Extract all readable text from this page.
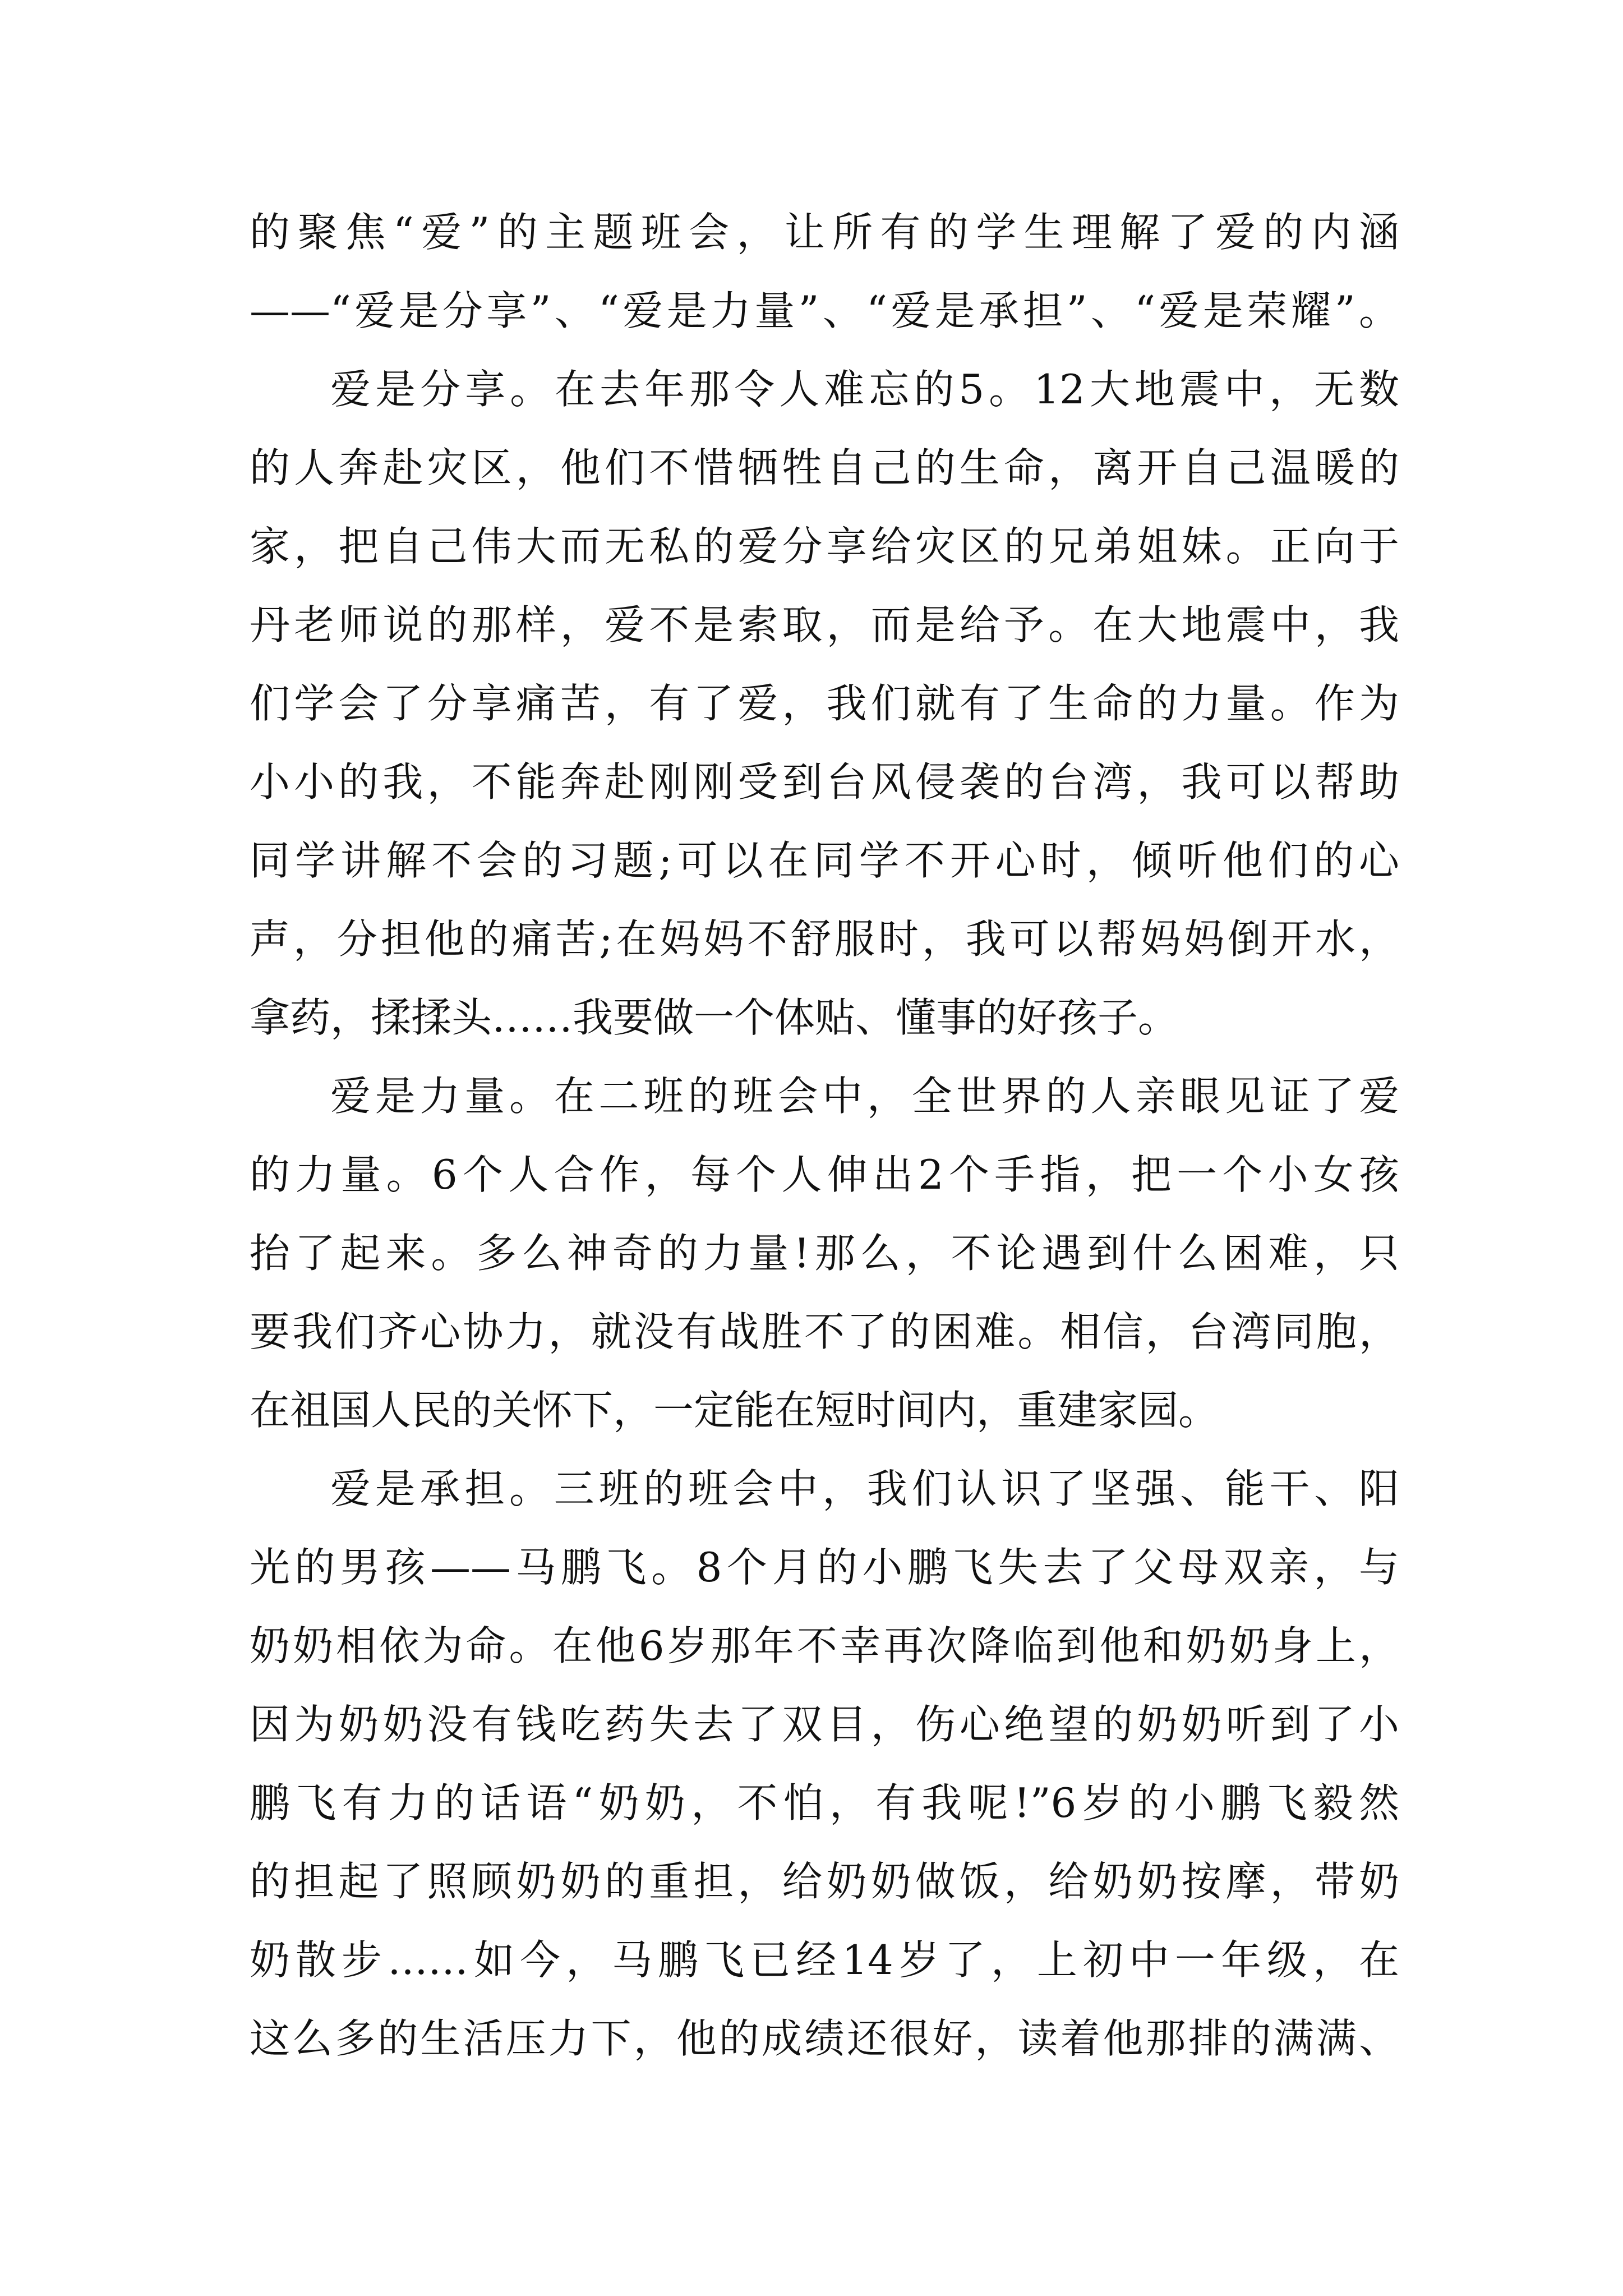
的聚焦“爱”的主题班会，让所有的学生理解了爱的内涵
——“爱是分享”、“爱是力量”、“爱是承担”、“爱是荣耀”。
爱是分享。在去年那令人难忘的5。12大地震中，无数
的人奔赴灾区，他们不惜牺牲自己的生命，离开自己温暖的
家，把自己伟大而无私的爱分享给灾区的兄弟姐妹。正向于
丹老师说的那样，爱不是索取，而是给予。在大地震中，我
们学会了分享痛苦，有了爱，我们就有了生命的力量。作为
小小的我，不能奔赴刚刚受到台风侵袭的台湾，我可以帮助
同学讲解不会的习题;可以在同学不开心时，倾听他们的心
声，分担他的痛苦;在妈妈不舒服时，我可以帮妈妈倒开水，
拿药，揉揉头……我要做一个体贴、懂事的好孩子。
爱是力量。在二班的班会中，全世界的人亲眼见证了爱
的力量。6个人合作，每个人伸出2个手指，把一个小女孩
抬了起来。多么神奇的力量!那么，不论遇到什么困难，只
要我们齐心协力，就没有战胜不了的困难。相信，台湾同胞，
在祖国人民的关怀下，一定能在短时间内，重建家园。
爱是承担。三班的班会中，我们认识了坚强、能干、阳
光的男孩——马鹏飞。8个月的小鹏飞失去了父母双亲，与
奶奶相依为命。在他6岁那年不幸再次降临到他和奶奶身上，
因为奶奶没有钱吃药失去了双目，伤心绝望的奶奶听到了小
鹏飞有力的话语“奶奶，不怕，有我呢!”6岁的小鹏飞毅然
的担起了照顾奶奶的重担，给奶奶做饭，给奶奶按摩，带奶
奶散步……如今，马鹏飞已经14岁了，上初中一年级，在
这么多的生活压力下，他的成绩还很好，读着他那排的满满、
